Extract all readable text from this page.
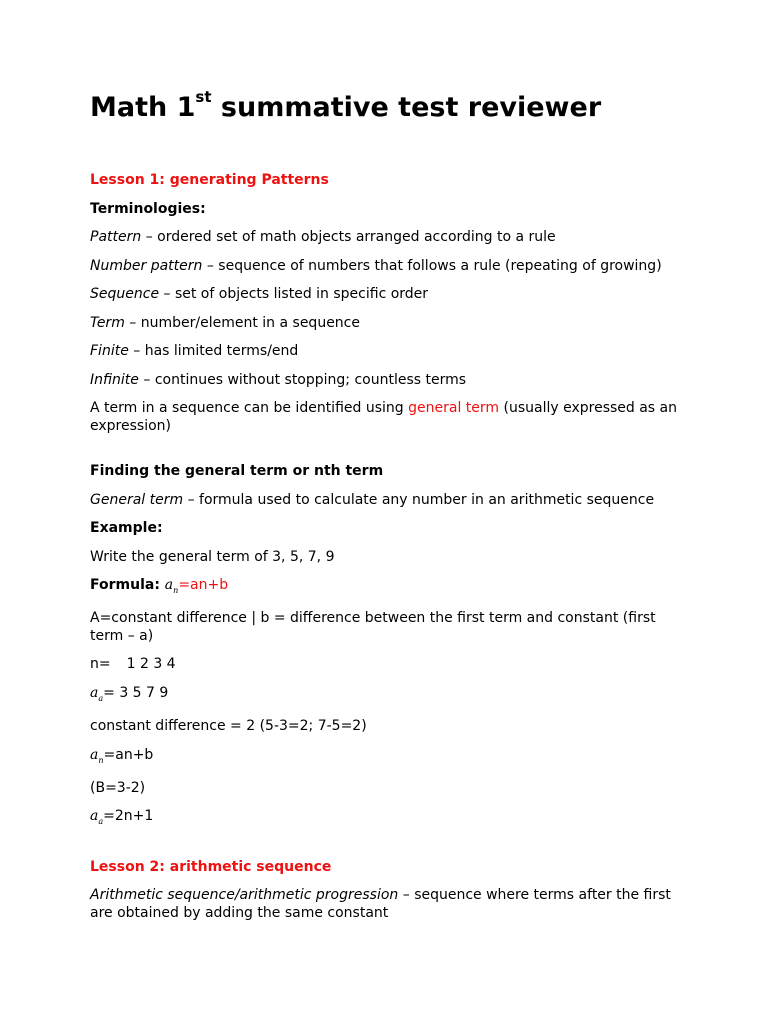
Math 1st summative test reviewer

Lesson 1: generating Patterns

Terminologies:

Pattern – ordered set of math objects arranged according to a rule

Number pattern – sequence of numbers that follows a rule (repeating of growing)

Sequence – set of objects listed in specific order

Term – number/element in a sequence

Finite – has limited terms/end

Infinite – continues without stopping; countless terms

A term in a sequence can be identified using general term (usually expressed as an expression)

Finding the general term or nth term

General term – formula used to calculate any number in an arithmetic sequence

Example:

Write the general term of 3, 5, 7, 9

Formula: $a_n=an+b$

A=constant difference | b = difference between the first term and constant (first term – a)

n= 1 2 3 4

$a_a= 3$ 5 7 9

constant difference = 2 (5-3=2; 7-5=2)

$a_n=an+b$

(B=3-2)

$a_a=2n+1$

Lesson 2: arithmetic sequence

Arithmetic sequence/arithmetic progression – sequence where terms after the first are obtained by adding the same constant
